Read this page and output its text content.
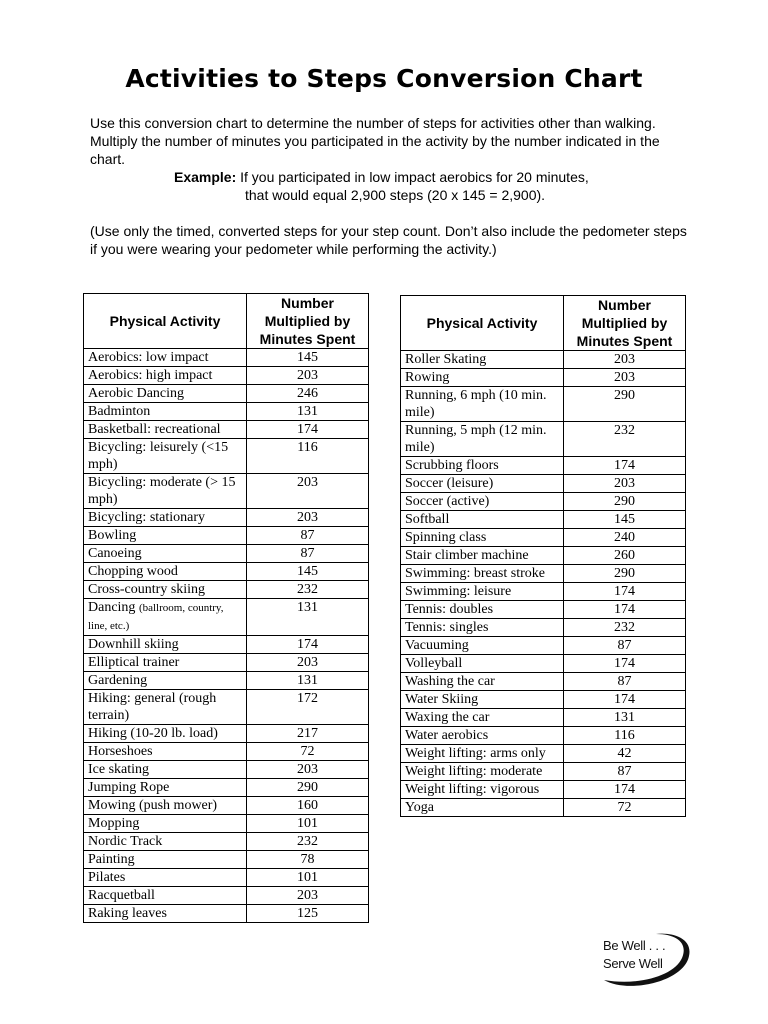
Activities to Steps Conversion Chart

Use this conversion chart to determine the number of steps for activities other than walking. Multiply the number of minutes you participated in the activity by the number indicated in the chart.

Example: If you participated in low impact aerobics for 20 minutes,

that would equal 2,900 steps (20 x 145 = 2,900).

(Use only the timed, converted steps for your step count. Don’t also include the pedometer steps if you were wearing your pedometer while performing the activity.)

Physical Activity	Number Multiplied by Minutes Spent
Aerobics: low impact	145
Aerobics: high impact	203
Aerobic Dancing	246
Badminton	131
Basketball: recreational	174
Bicycling: leisurely (<15 mph)	116
Bicycling: moderate (> 15 mph)	203
Bicycling: stationary	203
Bowling	87
Canoeing	87
Chopping wood	145
Cross-country skiing	232
Dancing (ballroom, country, line, etc.)	131
Downhill skiing	174
Elliptical trainer	203
Gardening	131
Hiking: general (rough terrain)	172
Hiking (10-20 lb. load)	217
Horseshoes	72
Ice skating	203
Jumping Rope	290
Mowing (push mower)	160
Mopping	101
Nordic Track	232
Painting	78
Pilates	101
Racquetball	203
Raking leaves	125
Physical Activity	Number Multiplied by Minutes Spent
Roller Skating	203
Rowing	203
Running, 6 mph (10 min. mile)	290
Running, 5 mph (12 min. mile)	232
Scrubbing floors	174
Soccer (leisure)	203
Soccer (active)	290
Softball	145
Spinning class	240
Stair climber machine	260
Swimming: breast stroke	290
Swimming: leisure	174
Tennis: doubles	174
Tennis: singles	232
Vacuuming	87
Volleyball	174
Washing the car	87
Water Skiing	174
Waxing the car	131
Water aerobics	116
Weight lifting: arms only	42
Weight lifting: moderate	87
Weight lifting: vigorous	174
Yoga	72
Be Well . . .
Serve Well
